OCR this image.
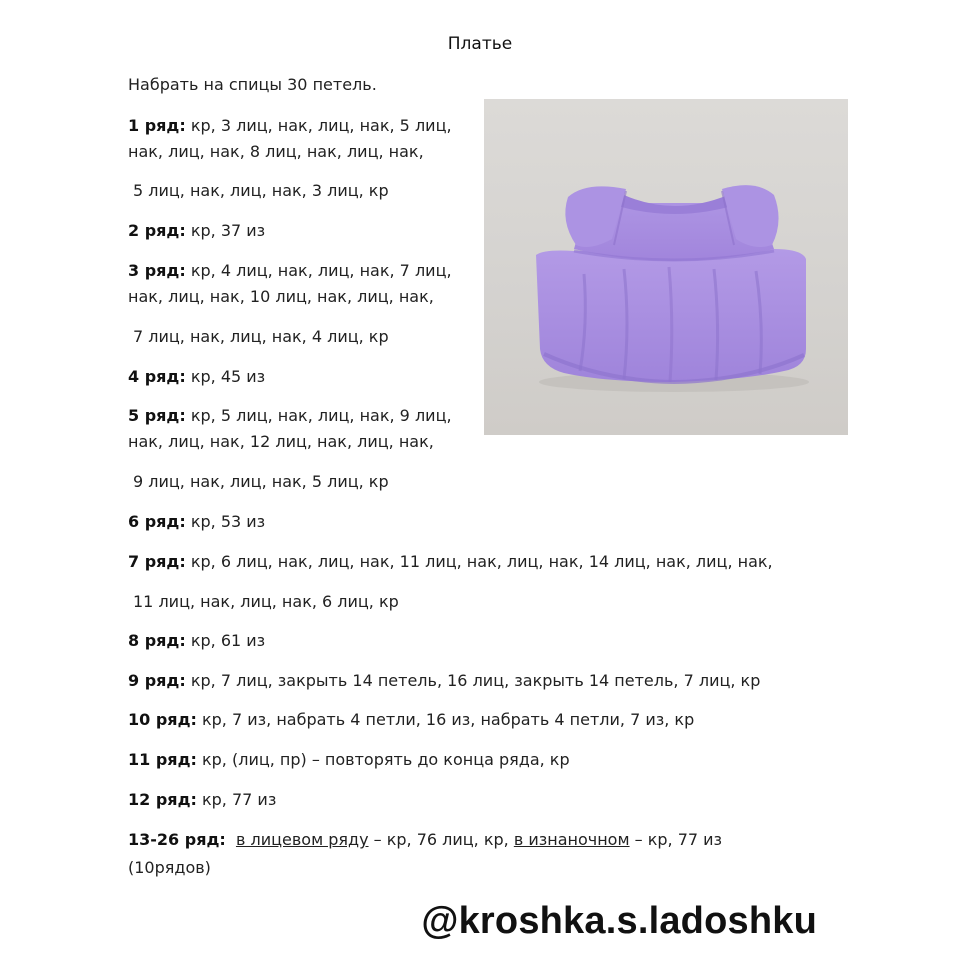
Платье
Набрать на спицы 30 петель.
1 ряд: кр, 3 лиц, нак, лиц, нак, 5 лиц,
нак, лиц, нак, 8 лиц, нак, лиц, нак,
5 лиц, нак, лиц, нак, 3 лиц, кр
2 ряд: кр, 37 из
3 ряд: кр, 4 лиц, нак, лиц, нак, 7 лиц,
нак, лиц, нак, 10 лиц, нак, лиц, нак,
7 лиц, нак, лиц, нак, 4 лиц, кр
4 ряд: кр, 45 из
5 ряд: кр, 5 лиц, нак, лиц, нак, 9 лиц,
нак, лиц, нак, 12 лиц, нак, лиц, нак,
9 лиц, нак, лиц, нак, 5 лиц, кр
6 ряд: кр, 53 из
7 ряд: кр, 6 лиц, нак, лиц, нак, 11 лиц, нак, лиц, нак, 14 лиц, нак, лиц, нак,
11 лиц, нак, лиц, нак, 6 лиц, кр
8 ряд: кр, 61 из
9 ряд: кр, 7 лиц, закрыть 14 петель, 16 лиц, закрыть 14 петель, 7 лиц, кр
10 ряд: кр, 7 из, набрать 4 петли, 16 из, набрать 4 петли, 7 из, кр
11 ряд: кр, (лиц, пр) – повторять до конца ряда, кр
12 ряд: кр, 77 из
13-26 ряд: в лицевом ряду – кр, 76 лиц, кр, в изнаночном – кр, 77 из
(10рядов)
@kroshka.s.ladoshku
